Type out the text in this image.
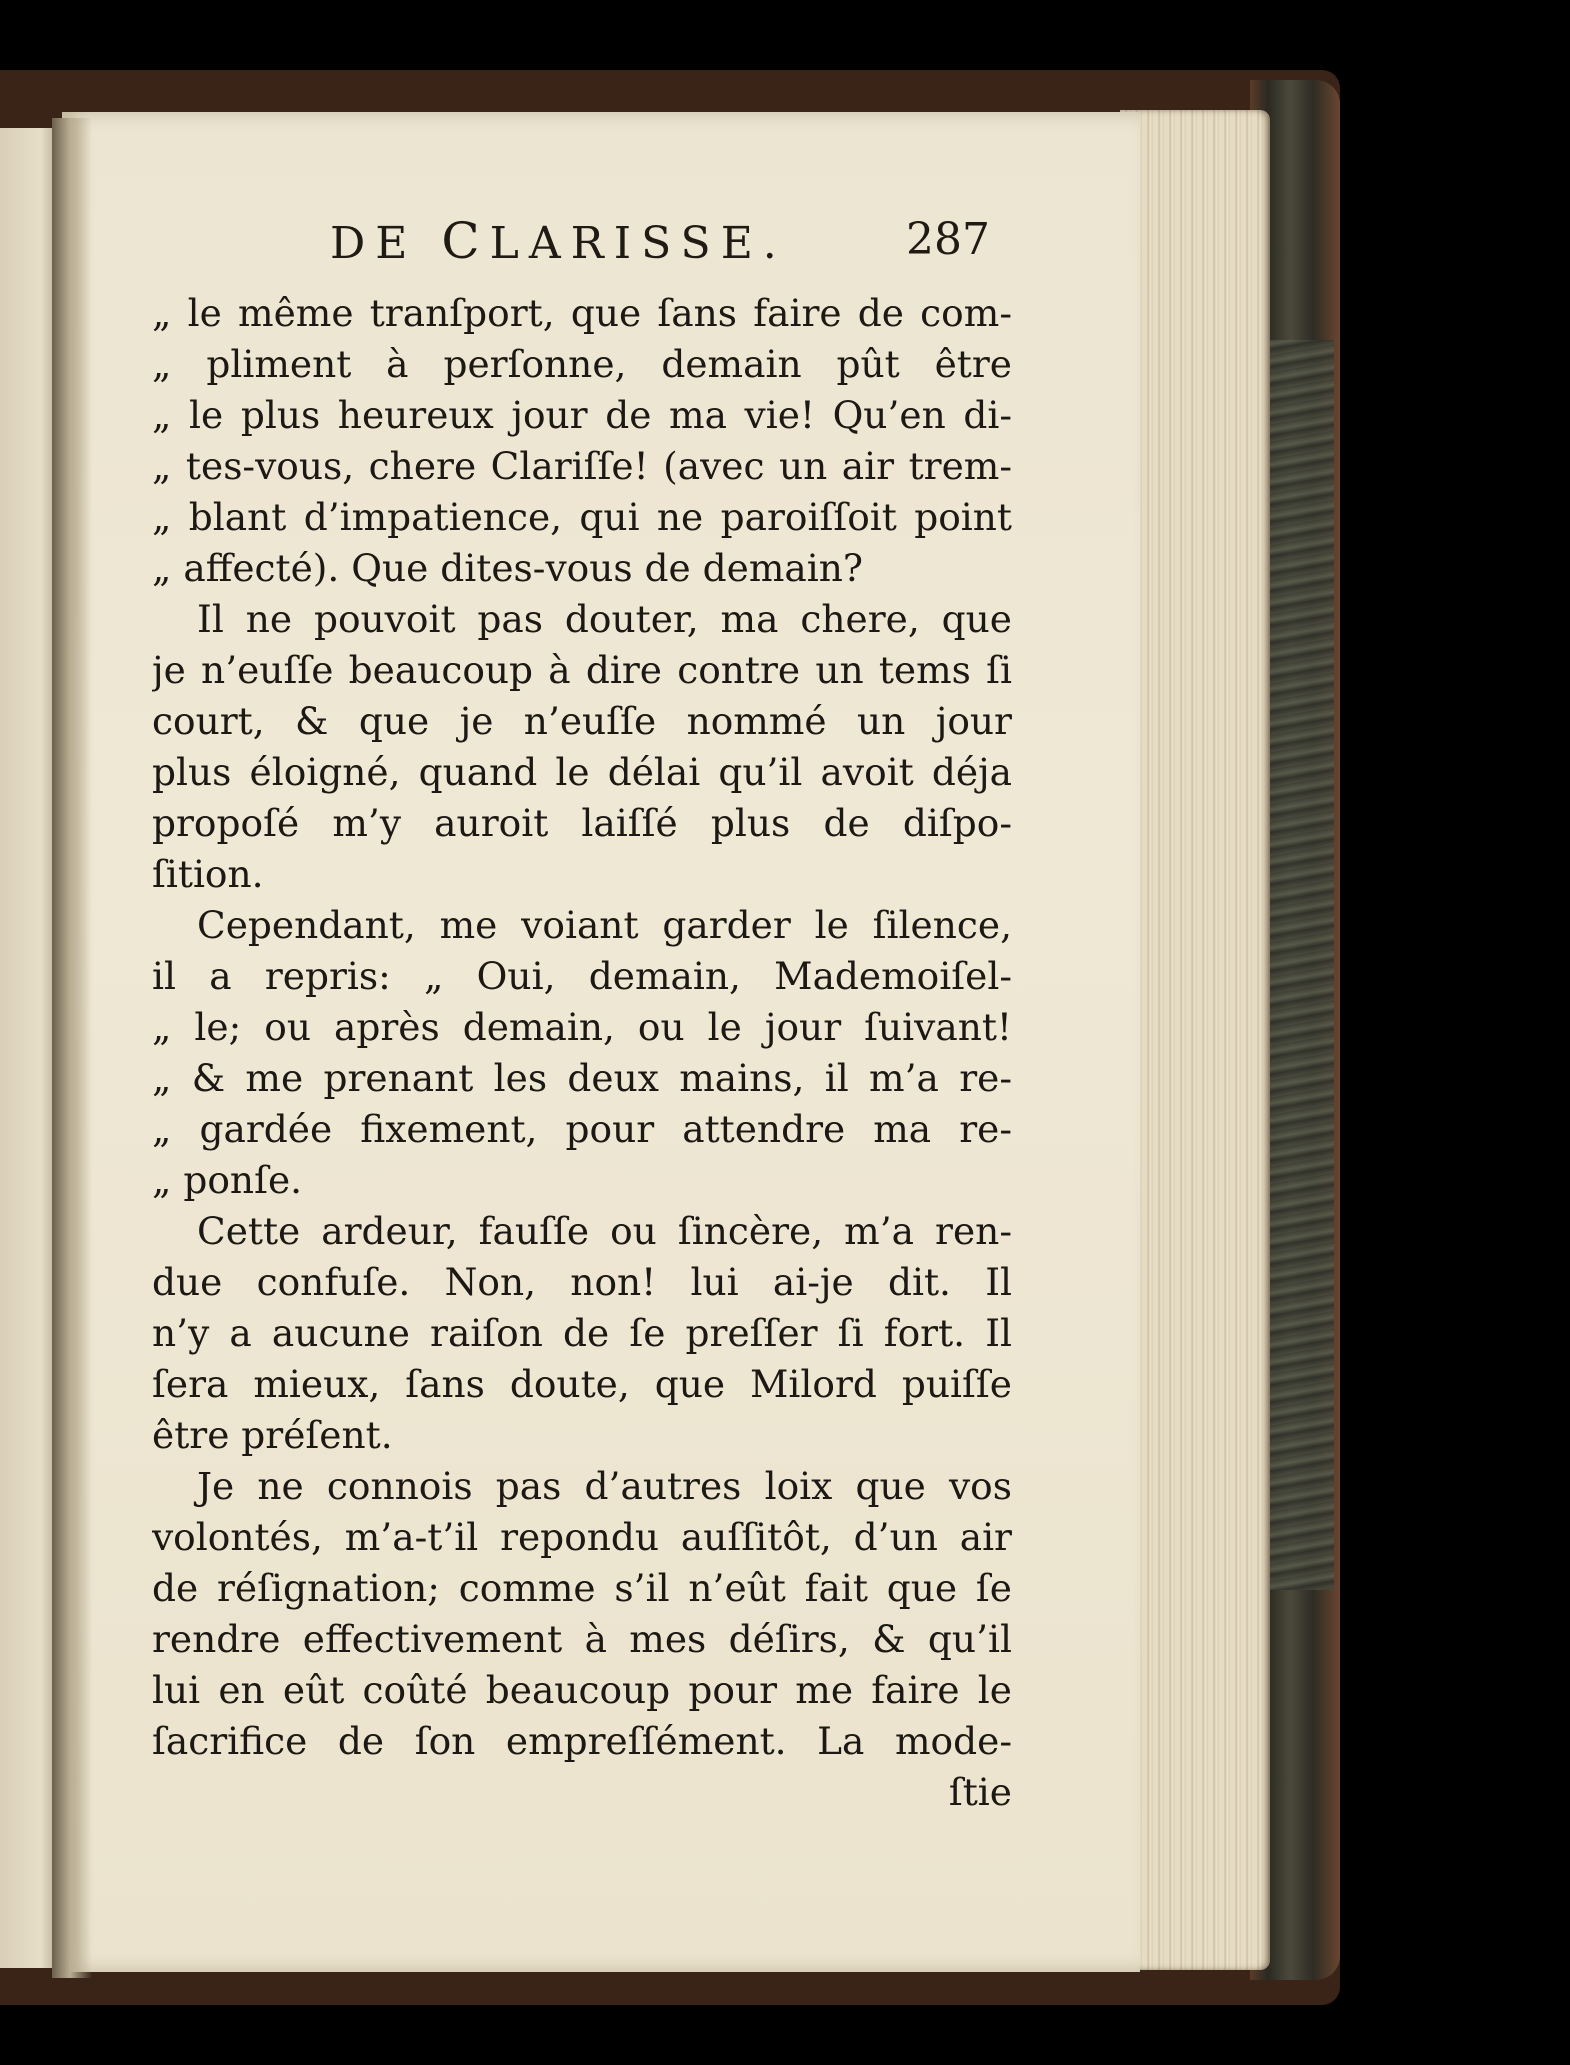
DE CLARISSE.	287
„ le même tranſport, que ſans faire de com-
„ pliment à perſonne, demain pût être
„ le plus heureux jour de ma vie! Qu’en di-
„ tes-vous, chere Clariſſe! (avec un air trem-
„ blant d’impatience, qui ne paroiſſoit point
„ affecté). Que dites-vous de demain?
Il ne pouvoit pas douter, ma chere, que
je n’euſſe beaucoup à dire contre un tems ſi
court, & que je n’euſſe nommé un jour
plus éloigné, quand le délai qu’il avoit déja
propoſé m’y auroit laiſſé plus de diſpo-
ſition.
Cependant, me voiant garder le ſilence,
il a repris: „ Oui, demain, Mademoiſel-
„ le; ou après demain, ou le jour ſuivant!
„ & me prenant les deux mains, il m’a re-
„ gardée fixement, pour attendre ma re-
„ ponſe.
Cette ardeur, fauſſe ou ſincère, m’a ren-
due confuſe. Non, non! lui ai-je dit. Il
n’y a aucune raiſon de ſe preſſer ſi fort. Il
ſera mieux, ſans doute, que Milord puiſſe
être préſent.
Je ne connois pas d’autres loix que vos
volontés, m’a-t’il repondu auſſitôt, d’un air
de réſignation; comme s’il n’eût fait que ſe
rendre effectivement à mes déſirs, & qu’il
lui en eût coûté beaucoup pour me faire le
ſacrifice de ſon empreſſément. La mode-
ſtie
